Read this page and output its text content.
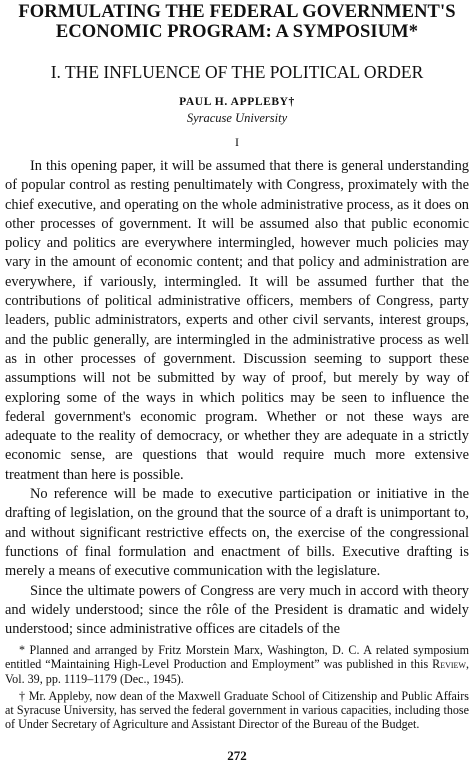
FORMULATING THE FEDERAL GOVERNMENT'S
ECONOMIC PROGRAM: A SYMPOSIUM*
I. THE INFLUENCE OF THE POLITICAL ORDER
PAUL H. APPLEBY†
Syracuse University
I

In this opening paper, it will be assumed that there is general understanding of popular control as resting penultimately with Congress, proximately with the chief executive, and operating on the whole administrative process, as it does on other processes of government. It will be assumed also that public economic policy and politics are everywhere intermingled, however much policies may vary in the amount of economic content; and that policy and administration are everywhere, if variously, intermingled. It will be assumed further that the contributions of political administrative officers, members of Congress, party leaders, public administrators, experts and other civil servants, interest groups, and the public generally, are intermingled in the administrative process as well as in other processes of government. Discussion seeming to support these assumptions will not be submitted by way of proof, but merely by way of exploring some of the ways in which politics may be seen to influence the federal government's economic program. Whether or not these ways are adequate to the reality of democracy, or whether they are adequate in a strictly economic sense, are questions that would require much more extensive treatment than here is possible.

No reference will be made to executive participation or initiative in the drafting of legislation, on the ground that the source of a draft is unimportant to, and without significant restrictive effects on, the exercise of the congressional functions of final formulation and enactment of bills. Executive drafting is merely a means of executive communication with the legislature.

Since the ultimate powers of Congress are very much in accord with theory and widely understood; since the rôle of the President is dramatic and widely understood; since administrative offices are citadels of the

* Planned and arranged by Fritz Morstein Marx, Washington, D. C. A related symposium entitled “Maintaining High-Level Production and Employment” was published in this Review, Vol. 39, pp. 1119–1179 (Dec., 1945).

† Mr. Appleby, now dean of the Maxwell Graduate School of Citizenship and Public Affairs at Syracuse University, has served the federal government in various capacities, including those of Under Secretary of Agriculture and Assistant Director of the Bureau of the Budget.

272
